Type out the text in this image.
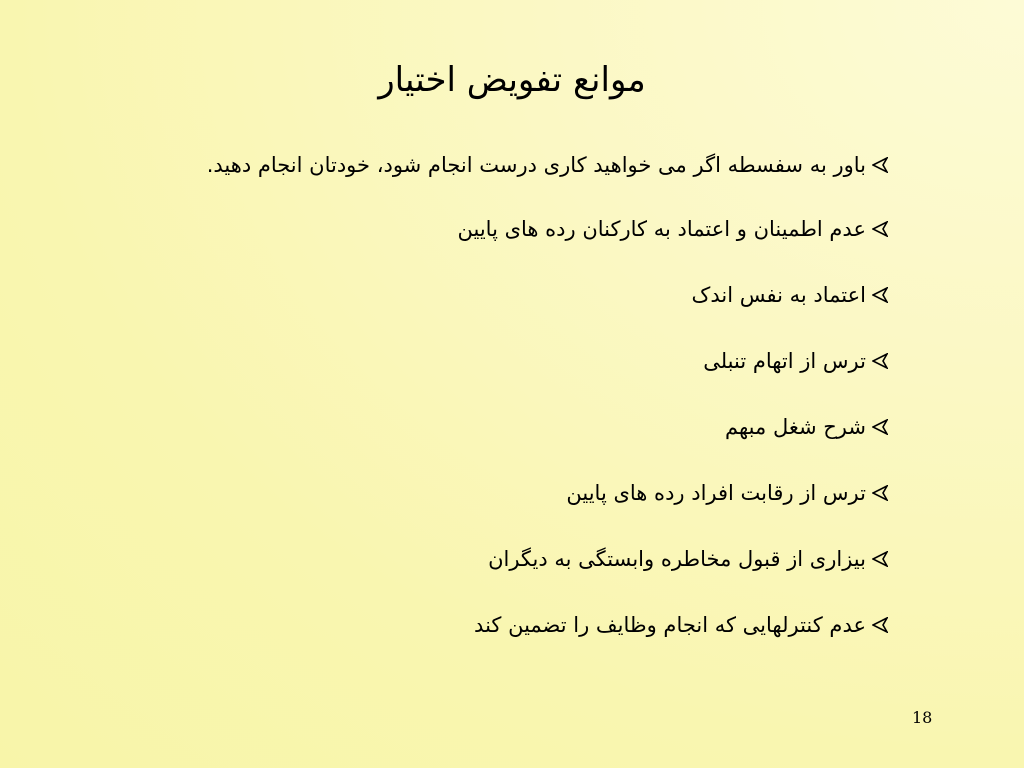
موانع تفویض اختیار
باور به سفسطه اگر می خواهید کاری درست انجام شود، خودتان انجام دهید.
عدم اطمینان و اعتماد به کارکنان رده های پایین
اعتماد به نفس اندک
ترس از اتهام تنبلی
شرح شغل مبهم
ترس از رقابت افراد رده های پایین
بیزاری از قبول مخاطره وابستگی به دیگران
عدم کنترلهایی که انجام وظایف را تضمین کند
18
